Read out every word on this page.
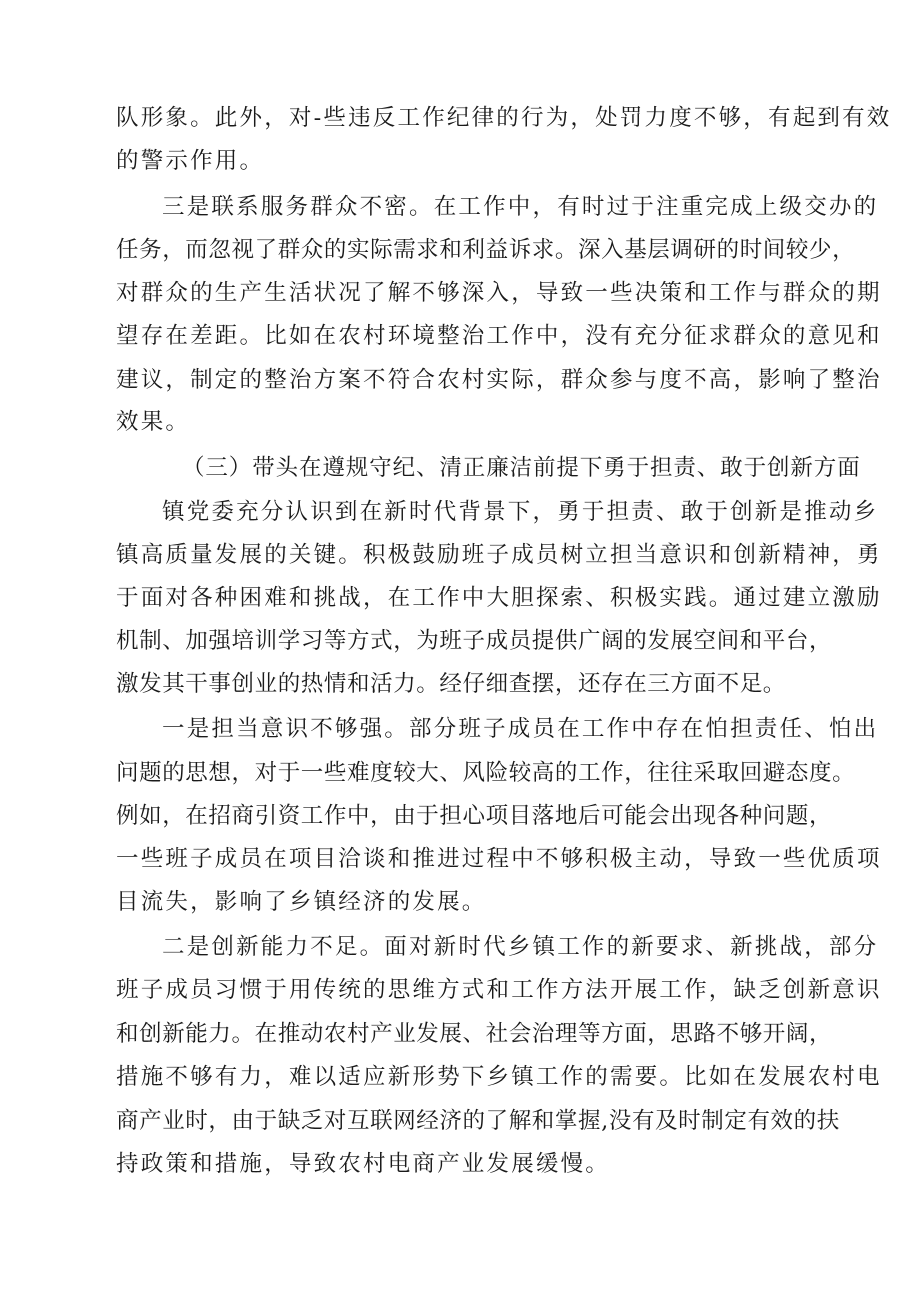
队形象。此外，对-些违反工作纪律的行为，处罚力度不够，有起到有效
的警示作用。
三是联系服务群众不密。在工作中，有时过于注重完成上级交办的
任务，而忽视了群众的实际需求和利益诉求。深入基层调研的时间较少，
对群众的生产生活状况了解不够深入，导致一些决策和工作与群众的期
望存在差距。比如在农村环境整治工作中，没有充分征求群众的意见和
建议，制定的整治方案不符合农村实际，群众参与度不高，影响了整治
效果。
（三）带头在遵规守纪、清正廉洁前提下勇于担责、敢于创新方面
镇党委充分认识到在新时代背景下，勇于担责、敢于创新是推动乡
镇高质量发展的关键。积极鼓励班子成员树立担当意识和创新精神，勇
于面对各种困难和挑战，在工作中大胆探索、积极实践。通过建立激励
机制、加强培训学习等方式，为班子成员提供广阔的发展空间和平台，
激发其干事创业的热情和活力。经仔细查摆，还存在三方面不足。
一是担当意识不够强。部分班子成员在工作中存在怕担责任、怕出
问题的思想，对于一些难度较大、风险较高的工作，往往采取回避态度。
例如，在招商引资工作中，由于担心项目落地后可能会出现各种问题，
一些班子成员在项目洽谈和推进过程中不够积极主动，导致一些优质项
目流失，影响了乡镇经济的发展。
二是创新能力不足。面对新时代乡镇工作的新要求、新挑战，部分
班子成员习惯于用传统的思维方式和工作方法开展工作，缺乏创新意识
和创新能力。在推动农村产业发展、社会治理等方面，思路不够开阔，
措施不够有力，难以适应新形势下乡镇工作的需要。比如在发展农村电
商产业时，由于缺乏对互联网经济的了解和掌握,没有及时制定有效的扶
持政策和措施，导致农村电商产业发展缓慢。
